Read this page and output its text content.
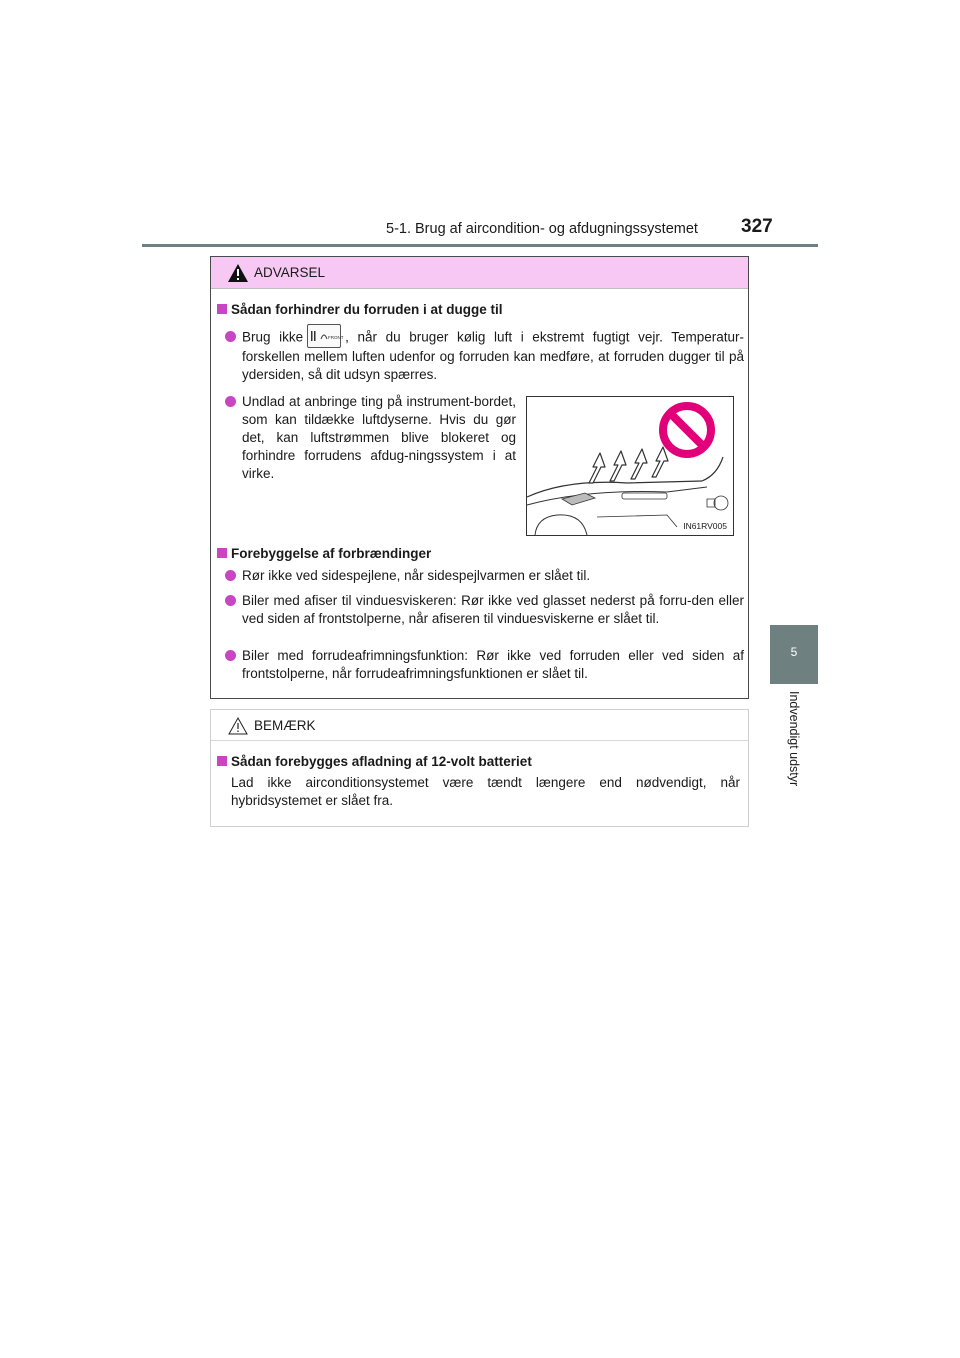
5-1. Brug af aircondition- og afdugningssystemet 327
5
Indvendigt udstyr
ADVARSEL
Sådan forhindrer du forruden i at dugge til
Brug ikke	FRONT , når du bruger kølig luft i ekstremt fugtigt vejr. Temperatur-forskellen mellem luften udenfor og forruden kan medføre, at forruden dugger til på ydersiden, så dit udsyn spærres.
Undlad at anbringe ting på instrument-bordet, som kan tildække luftdyserne. Hvis du gør det, kan luftstrømmen blive blokeret og forhindre forrudens afdug-ningssystem i at virke.
IN61RV005
Forebyggelse af forbrændinger
Rør ikke ved sidespejlene, når sidespejlvarmen er slået til.
Biler med afiser til vinduesviskeren: Rør ikke ved glasset nederst på forru-den eller ved siden af frontstolperne, når afiseren til vinduesviskerne er slået til.
Biler med forrudeafrimningsfunktion: Rør ikke ved forruden eller ved siden af frontstolperne, når forrudeafrimningsfunktionen er slået til.
BEMÆRK
Sådan forebygges afladning af 12-volt batteriet
Lad ikke airconditionsystemet være tændt længere end nødvendigt, når hybridsystemet er slået fra.
